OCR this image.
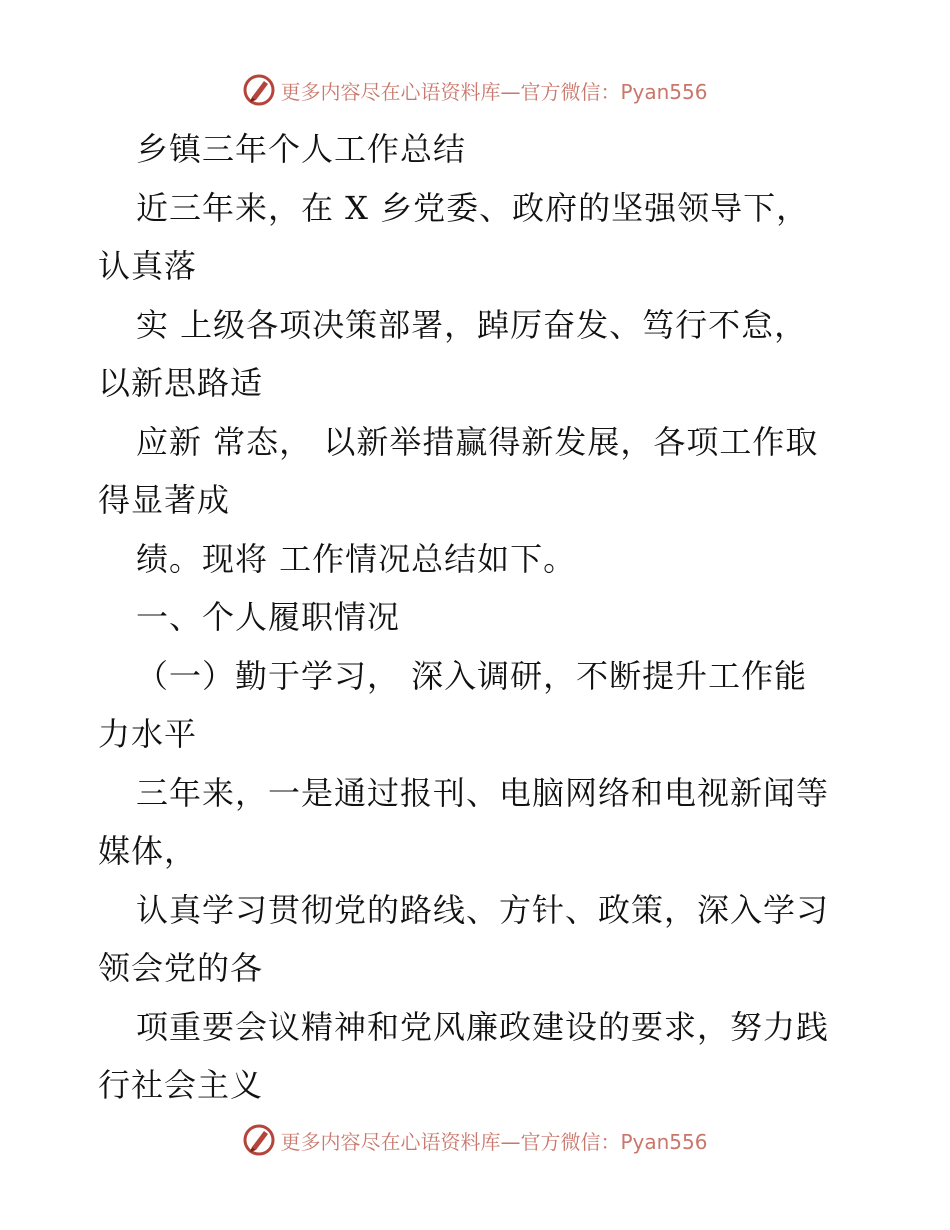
更多内容尽在心语资料库—官方微信：Pyan556
乡镇三年个人工作总结
近三年来，在 X 乡党委、政府的坚强领导下，
认真落
实 上级各项决策部署，踔厉奋发、笃行不怠，
以新思路适
应新 常态， 以新举措赢得新发展，各项工作取
得显著成
绩。现将 工作情况总结如下。
一、个人履职情况
（一）勤于学习， 深入调研，不断提升工作能
力水平
三年来，一是通过报刊、电脑网络和电视新闻等
媒体，
认真学习贯彻党的路线、方针、政策，深入学习
领会党的各
项重要会议精神和党风廉政建设的要求，努力践
行社会主义
更多内容尽在心语资料库—官方微信：Pyan556
